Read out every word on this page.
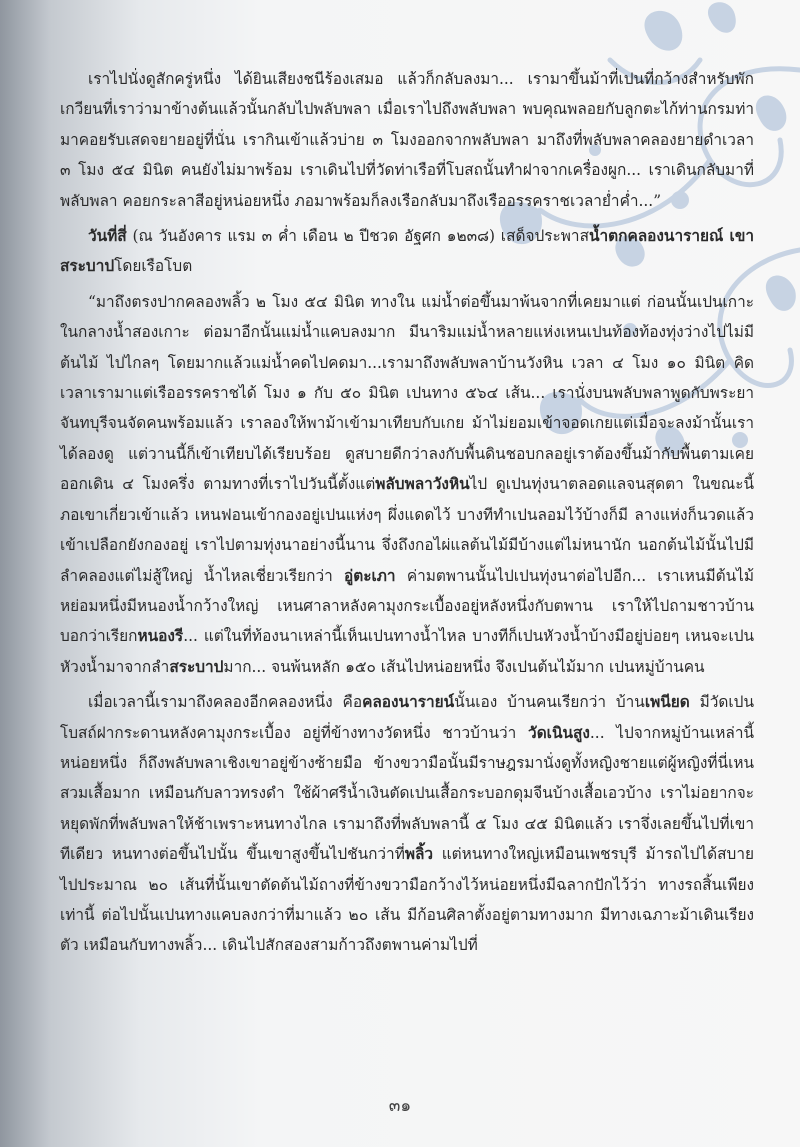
เราไปนั่งดูสักครู่หนึ่ง ได้ยินเสียงชนีร้องเสมอ แล้วก็กลับลงมา... เรามาขึ้นม้าที่เปนที่กว้างสำหรับพักเกวียนที่เราว่ามาข้างต้นแล้วนั้นกลับไปพลับพลา เมื่อเราไปถึงพลับพลา พบคุณพลอยกับลูกตะไก้ท่านกรมท่ามาคอยรับเสดจยายอยู่ที่นั่น เรากินเข้าแล้วบ่าย ๓ โมงออกจากพลับพลา มาถึงที่พลับพลาคลองยายดำเวลา ๓ โมง ๕๔ มินิต คนยังไม่มาพร้อม เราเดินไปที่วัดท่าเรือที่โบสถนั้นทำฝาจากเครื่องผูก... เราเดินกลับมาที่พลับพลา คอยกระลาสีอยู่หน่อยหนึ่ง ภอมาพร้อมก็ลงเรือกลับมาถึงเรืออรรคราชเวลาย่ำค่ำ...”

วันที่สี่ (ณ วันอังคาร แรม ๓ ค่ำ เดือน ๒ ปีชวด อัฐศก ๑๒๓๘) เสด็จประพาสน้ำตกคลองนารายณ์ เขาสระบาปโดยเรือโบต

“มาถึงตรงปากคลองพลิ้ว ๒ โมง ๕๔ มินิต ทางใน แม่น้ำต่อขึ้นมาพ้นจากที่เคยมาแต่ ก่อนนั้นเปนเกาะในกลางน้ำสองเกาะ ต่อมาอีกนั้นแม่น้ำแคบลงมาก มีนาริมแม่น้ำหลายแห่งเหนเปนท้องท้องทุ่งว่างไปไม่มีต้นไม้ ไปไกลๆ โดยมากแล้วแม่น้ำคดไปคดมา...เรามาถึงพลับพลาบ้านวังหิน เวลา ๔ โมง ๑๐ มินิต คิดเวลาเรามาแต่เรืออรรคราชได้ โมง ๑ กับ ๕๐ มินิต เปนทาง ๕๖๔ เส้น... เรานั่งบนพลับพลาพูดกับพระยาจันทบุรีจนจัดคนพร้อมแล้ว เราลองให้พาม้าเข้ามาเทียบกับเกย ม้าไม่ยอมเข้าจอดเกยแต่เมื่อจะลงม้านั้นเราได้ลองดู แต่วานนี้ก็เข้าเทียบได้เรียบร้อย ดูสบายดีกว่าลงกับพื้นดินชอบกลอยู่เราต้องขึ้นม้ากับพื้นตามเคย ออกเดิน ๔ โมงครึ่ง ตามทางที่เราไปวันนี้ตั้งแต่พลับพลาวังหินไป ดูเปนทุ่งนาตลอดแลจนสุดตา ในขณะนี้ภอเขาเกี่ยวเข้าแล้ว เหนฟอนเข้ากองอยู่เปนแห่งๆ ผึ่งแดดไว้ บางทีทำเปนลอมไว้บ้างก็มี ลางแห่งก็นวดแล้ว เข้าเปลือกยังกองอยู่ เราไปตามทุ่งนาอย่างนี้นาน จึ่งถึงกอไผ่แลต้นไม้มีบ้างแต่ไม่หนานัก นอกต้นไม้นั้นไปมีลำคลองแต่ไม่สู้ใหญ่ น้ำไหลเชี่ยวเรียกว่า อู่ตะเภา ค่ามตพานนั้นไปเปนทุ่งนาต่อไปอีก... เราเหนมีต้นไม้หย่อมหนึ่งมีหนองน้ำกว้างใหญ่ เหนศาลาหลังคามุงกระเบื้องอยู่หลังหนึ่งกับตพาน เราให้ไปถามชาวบ้านบอกว่าเรียกหนองรี... แต่ในที่ท้องนาเหล่านี้เห็นเปนทางน้ำไหล บางทีก็เปนหัวงน้ำบ้างมีอยู่บ่อยๆ เหนจะเปนหัวงน้ำมาจากลำสระบาปมาก... จนพ้นหลัก ๑๕๐ เส้นไปหน่อยหนึ่ง จึงเปนต้นไม้มาก เปนหมู่บ้านคน

เมื่อเวลานี้เรามาถึงคลองอีกคลองหนึ่ง คือคลองนารายน์นั้นเอง บ้านคนเรียกว่า บ้านเพนียด มีวัดเปนโบสถ์ฝากระดานหลังคามุงกระเบื้อง อยู่ที่ข้างทางวัดหนึ่ง ชาวบ้านว่า วัดเนินสูง... ไปจากหมู่บ้านเหล่านี้หน่อยหนึ่ง ก็ถึงพลับพลาเชิงเขาอยู่ข้างซ้ายมือ ข้างขวามือนั้นมีราษฎรมานั่งดูทั้งหญิงชายแต่ผู้หญิงที่นี่เหนสวมเสื้อมาก เหมือนกับลาวทรงดำ ใช้ผ้าศรีน้ำเงินตัดเปนเสื้อกระบอกดุมจีนบ้างเสื้อเอวบ้าง เราไม่อยากจะหยุดพักที่พลับพลาให้ช้าเพราะหนทางไกล เรามาถึงที่พลับพลานี้ ๕ โมง ๔๕ มินิตแล้ว เราจึ่งเลยขึ้นไปที่เขาทีเดียว หนทางต่อขึ้นไปนั้น ขึ้นเขาสูงขึ้นไปชันกว่าที่พลิ้ว แต่หนทางใหญ่เหมือนเพชรบุรี ม้ารถไปได้สบายไปประมาณ ๒๐ เส้นที่นั้นเขาตัดต้นไม้ถางที่ข้างขวามือกว้างไว้หน่อยหนึ่งมีฉลากปักไว้ว่า ทางรถสิ้นเพียงเท่านี้ ต่อไปนั้นเปนทางแคบลงกว่าที่มาแล้ว ๒๐ เส้น มีก้อนศิลาตั้งอยู่ตามทางมาก มีทางเฉภาะม้าเดินเรียงตัว เหมือนกับทางพลิ้ว... เดินไปสักสองสามก้าวถึงตพานค่ามไปที่

๓๑
